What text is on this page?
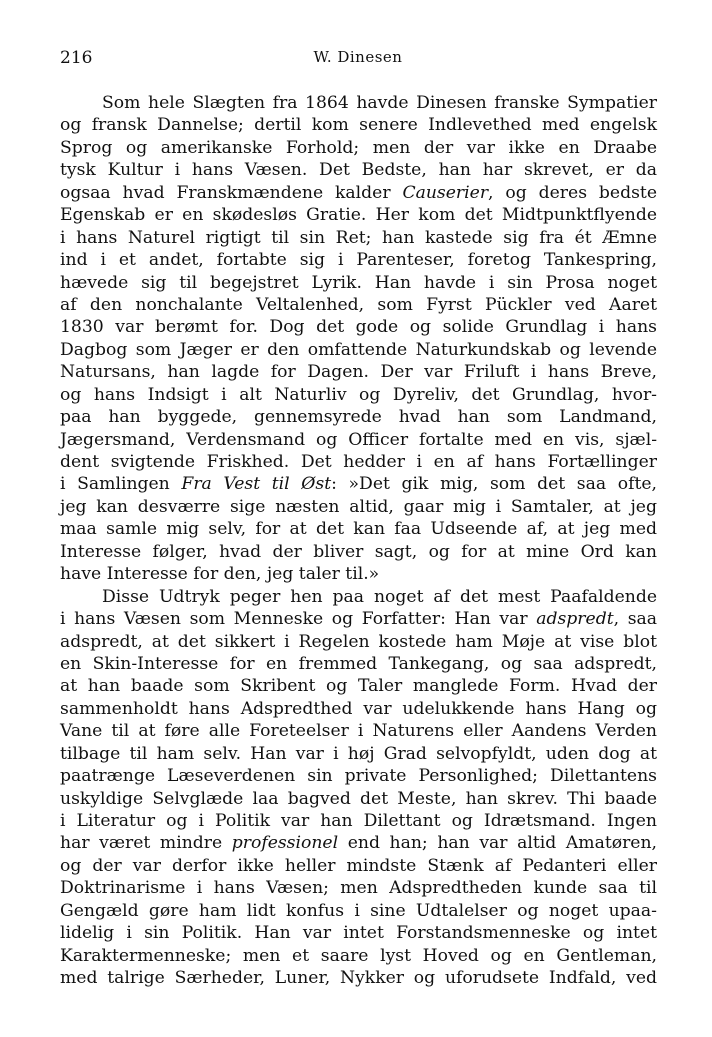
216	W. Dinesen
Som hele Slægten fra 1864 havde Dinesen franske Sympatier
og fransk Dannelse; dertil kom senere Indlevethed med engelsk
Sprog og amerikanske Forhold; men der var ikke en Draabe
tysk Kultur i hans Væsen. Det Bedste, han har skrevet, er da
ogsaa hvad Franskmændene kalder Causerier, og deres bedste
Egenskab er en skødesløs Gratie. Her kom det Midtpunktflyende
i hans Naturel rigtigt til sin Ret; han kastede sig fra ét Æmne
ind i et andet, fortabte sig i Parenteser, foretog Tankespring,
hævede sig til begejstret Lyrik. Han havde i sin Prosa noget
af den nonchalante Veltalenhed, som Fyrst Pückler ved Aaret
1830 var berømt for. Dog det gode og solide Grundlag i hans
Dagbog som Jæger er den omfattende Naturkundskab og levende
Natursans, han lagde for Dagen. Der var Friluft i hans Breve,
og hans Indsigt i alt Naturliv og Dyreliv, det Grundlag, hvor-
paa han byggede, gennemsyrede hvad han som Landmand,
Jægersmand, Verdensmand og Officer fortalte med en vis, sjæl-
dent svigtende Friskhed. Det hedder i en af hans Fortællinger
i Samlingen Fra Vest til Øst: »Det gik mig, som det saa ofte,
jeg kan desværre sige næsten altid, gaar mig i Samtaler, at jeg
maa samle mig selv, for at det kan faa Udseende af, at jeg med
Interesse følger, hvad der bliver sagt, og for at mine Ord kan
have Interesse for den, jeg taler til.»
Disse Udtryk peger hen paa noget af det mest Paafaldende
i hans Væsen som Menneske og Forfatter: Han var adspredt, saa
adspredt, at det sikkert i Regelen kostede ham Møje at vise blot
en Skin-Interesse for en fremmed Tankegang, og saa adspredt,
at han baade som Skribent og Taler manglede Form. Hvad der
sammenholdt hans Adspredthed var udelukkende hans Hang og
Vane til at føre alle Foreteelser i Naturens eller Aandens Verden
tilbage til ham selv. Han var i høj Grad selvopfyldt, uden dog at
paatrænge Læseverdenen sin private Personlighed; Dilettantens
uskyldige Selvglæde laa bagved det Meste, han skrev. Thi baade
i Literatur og i Politik var han Dilettant og Idrætsmand. Ingen
har været mindre professionel end han; han var altid Amatøren,
og der var derfor ikke heller mindste Stænk af Pedanteri eller
Doktrinarisme i hans Væsen; men Adspredtheden kunde saa til
Gengæld gøre ham lidt konfus i sine Udtalelser og noget upaa-
lidelig i sin Politik. Han var intet Forstandsmenneske og intet
Karaktermenneske; men et saare lyst Hoved og en Gentleman,
med talrige Særheder, Luner, Nykker og uforudsete Indfald, ved
